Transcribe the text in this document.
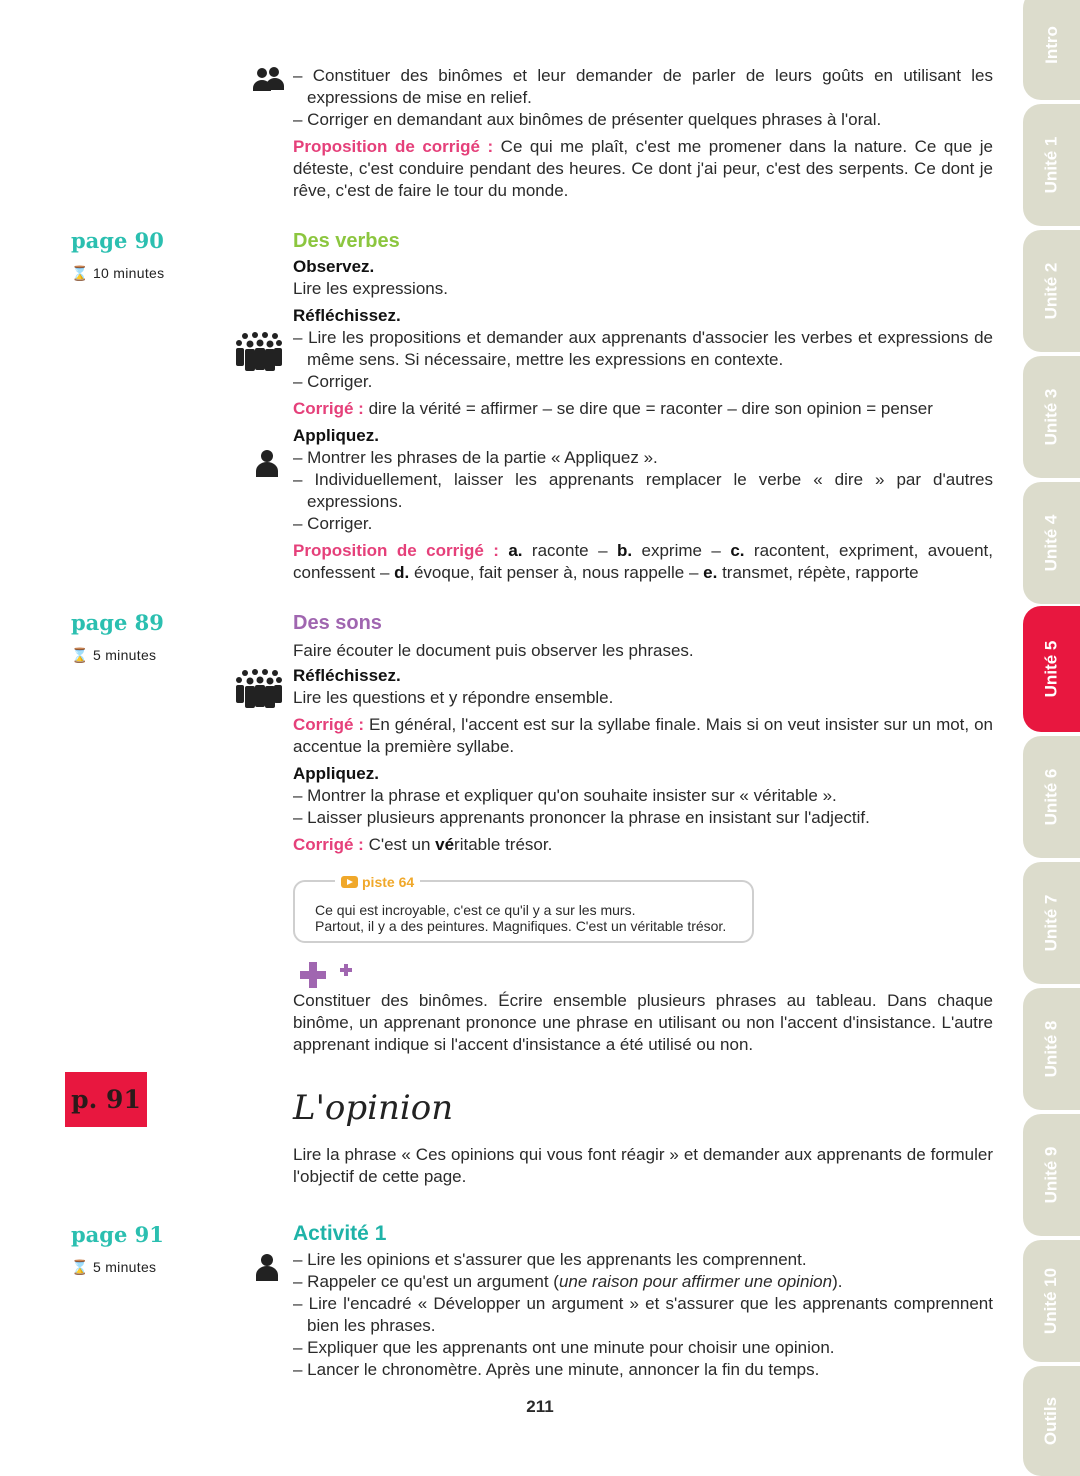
Intro
Unité 1
Unité 2
Unité 3
Unité 4
Unité 5
Unité 6
Unité 7
Unité 8
Unité 9
Unité 10
Outils
– Constituer des binômes et leur demander de parler de leurs goûts en utilisant les expressions de mise en relief.
– Corriger en demandant aux binômes de présenter quelques phrases à l'oral.
Proposition de corrigé : Ce qui me plaît, c'est me promener dans la nature. Ce que je déteste, c'est conduire pendant des heures. Ce dont j'ai peur, c'est des serpents. Ce dont je rêve, c'est de faire le tour du monde.
page 90
⌛ 10 minutes
Des verbes
Observez.
Lire les expressions.
Réfléchissez.
– Lire les propositions et demander aux apprenants d'associer les verbes et expressions de même sens. Si nécessaire, mettre les expressions en contexte.
– Corriger.
Corrigé : dire la vérité = affirmer – se dire que = raconter – dire son opinion = penser
Appliquez.
– Montrer les phrases de la partie « Appliquez ».
– Individuellement, laisser les apprenants remplacer le verbe « dire » par d'autres expressions.
– Corriger.
Proposition de corrigé : a. raconte – b. exprime – c. racontent, expriment, avouent, confessent – d. évoque, fait penser à, nous rappelle – e. transmet, répète, rapporte
page 89
⌛ 5 minutes
Des sons
Faire écouter le document puis observer les phrases.
Réfléchissez.
Lire les questions et y répondre ensemble.
Corrigé : En général, l'accent est sur la syllabe finale. Mais si on veut insister sur un mot, on accentue la première syllabe.
Appliquez.
– Montrer la phrase et expliquer qu'on souhaite insister sur « véritable ».
– Laisser plusieurs apprenants prononcer la phrase en insistant sur l'adjectif.
Corrigé : C'est un véritable trésor.
piste 64
Ce qui est incroyable, c'est ce qu'il y a sur les murs.
Partout, il y a des peintures. Magnifiques. C'est un véritable trésor.
Constituer des binômes. Écrire ensemble plusieurs phrases au tableau. Dans chaque binôme, un apprenant prononce une phrase en utilisant ou non l'accent d'insistance. L'autre apprenant indique si l'accent d'insistance a été utilisé ou non.
p. 91	L'opinion
Lire la phrase « Ces opinions qui vous font réagir » et demander aux apprenants de formuler l'objectif de cette page.
page 91
⌛ 5 minutes
Activité 1
– Lire les opinions et s'assurer que les apprenants les comprennent.
– Rappeler ce qu'est un argument (une raison pour affirmer une opinion).
– Lire l'encadré « Développer un argument » et s'assurer que les apprenants comprennent bien les phrases.
– Expliquer que les apprenants ont une minute pour choisir une opinion.
– Lancer le chronomètre. Après une minute, annoncer la fin du temps.
211
